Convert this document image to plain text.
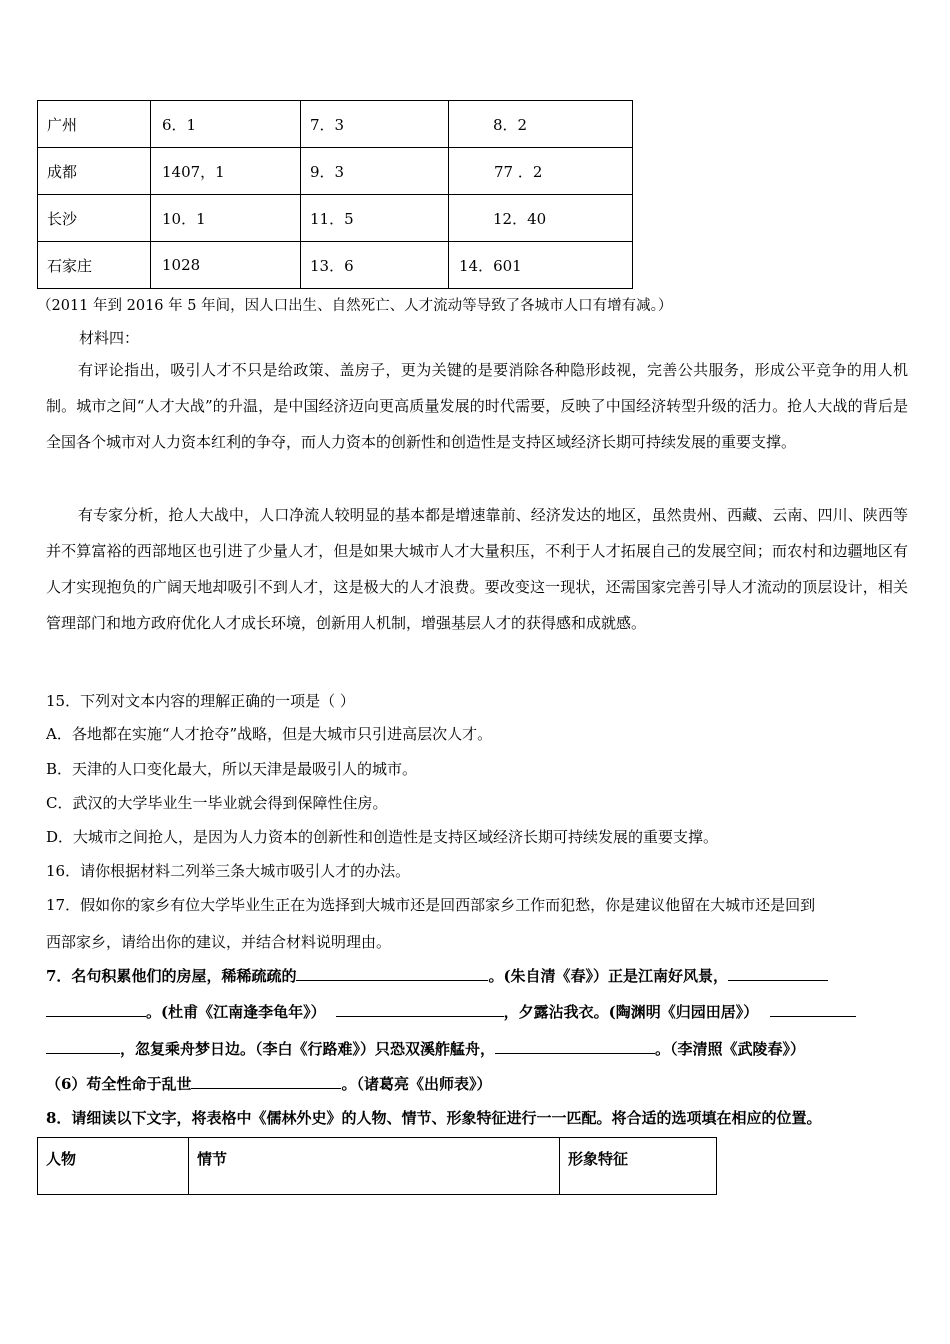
广州	6．1	7．3	8．2
成都	1407，1	9．3	77 ．2
长沙	10．1	11．5	12．40
石家庄	1028	13．6	14．601
（2011 年到 2016 年 5 年间，因人口出生、自然死亡、人才流动等导致了各城市人口有增有减。）
材料四：

有评论指出，吸引人才不只是给政策、盖房子，更为关键的是要消除各种隐形歧视，完善公共服务，形成公平竞争的用人机制。城市之间“人才大战”的升温，是中国经济迈向更高质量发展的时代需要，反映了中国经济转型升级的活力。抢人大战的背后是全国各个城市对人力资本红利的争夺，而人力资本的创新性和创造性是支持区域经济长期可持续发展的重要支撑。

有专家分析，抢人大战中，人口净流人较明显的基本都是增速靠前、经济发达的地区，虽然贵州、西藏、云南、四川、陕西等并不算富裕的西部地区也引进了少量人才，但是如果大城市人才大量积压，不利于人才拓展自己的发展空间；而农村和边疆地区有人才实现抱负的广阔天地却吸引不到人才，这是极大的人才浪费。要改变这一现状，还需国家完善引导人才流动的顶层设计，相关管理部门和地方政府优化人才成长环境，创新用人机制，增强基层人才的获得感和成就感。

15．下列对文本内容的理解正确的一项是（ ）
A．各地都在实施“人才抢夺”战略，但是大城市只引进高层次人才。
B．天津的人口变化最大，所以天津是最吸引人的城市。
C．武汉的大学毕业生一毕业就会得到保障性住房。
D．大城市之间抢人，是因为人力资本的创新性和创造性是支持区域经济长期可持续发展的重要支撑。
16．请你根据材料二列举三条大城市吸引人才的办法。
17．假如你的家乡有位大学毕业生正在为选择到大城市还是回西部家乡工作而犯愁，你是建议他留在大城市还是回到
西部家乡，请给出你的建议，并结合材料说明理由。
7．名句积累他们的房屋，稀稀疏疏的	。(朱自清《春》）正是江南好风景，
。(杜甫《江南逢李龟年》）	，夕露沾我衣。(陶渊明《归园田居》）
，忽复乘舟梦日边。（李白《行路难》）只恐双溪舴艋舟，	。（李清照《武陵春》）
（6）苟全性命于乱世	。（诸葛亮《出师表》）
8．请细读以下文字，将表格中《儒林外史》的人物、情节、形象特征进行一一匹配。将合适的选项填在相应的位置。
人物	情节	形象特征
